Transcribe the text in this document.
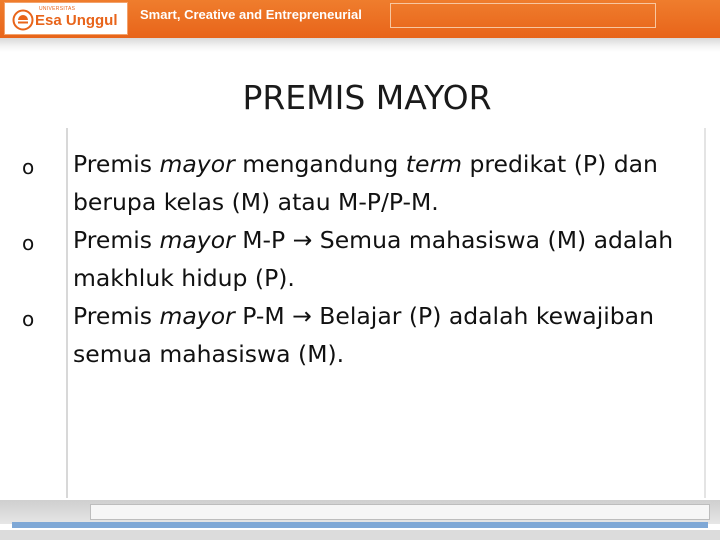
UNIVERSITAS
Esa Unggul Smart, Creative and Entrepreneurial
PREMIS MAYOR
o Premis mayor mengandung term predikat (P) dan berupa kelas (M) atau M-P/P-M.
o Premis mayor M-P → Semua mahasiswa (M) adalah makhluk hidup (P).
o Premis mayor P-M → Belajar (P) adalah kewajiban semua mahasiswa (M).
